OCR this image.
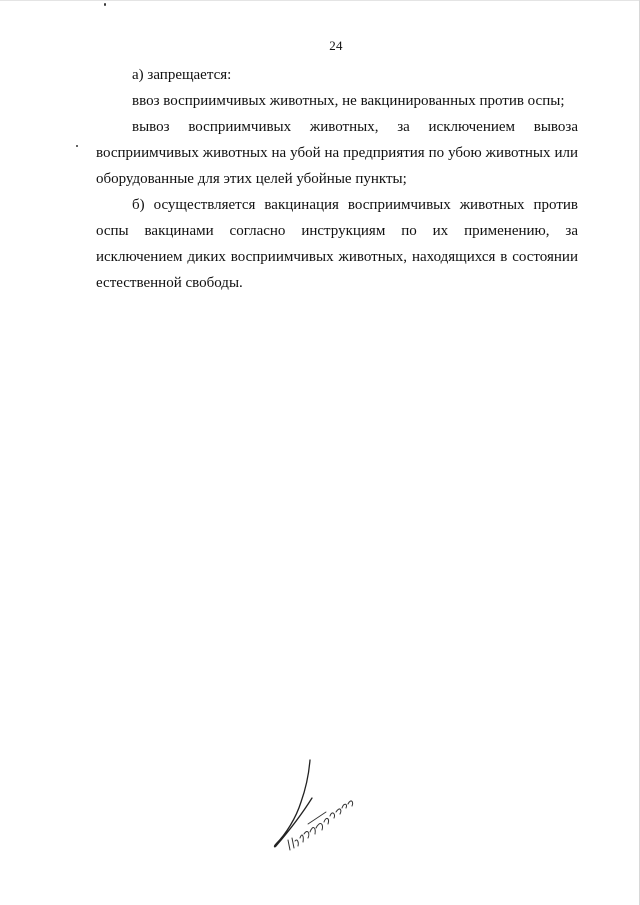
24

а) запрещается:

ввоз восприимчивых животных, не вакцинированных против оспы;

вывоз восприимчивых животных, за исключением вывоза

восприимчивых животных на убой на предприятия по убою животных или оборудованные для этих целей убойные пункты;

б) осуществляется вакцинация восприимчивых животных против оспы вакцинами согласно инструкциям по их применению, за исключением диких восприимчивых животных, находящихся в состоянии естественной свободы.
